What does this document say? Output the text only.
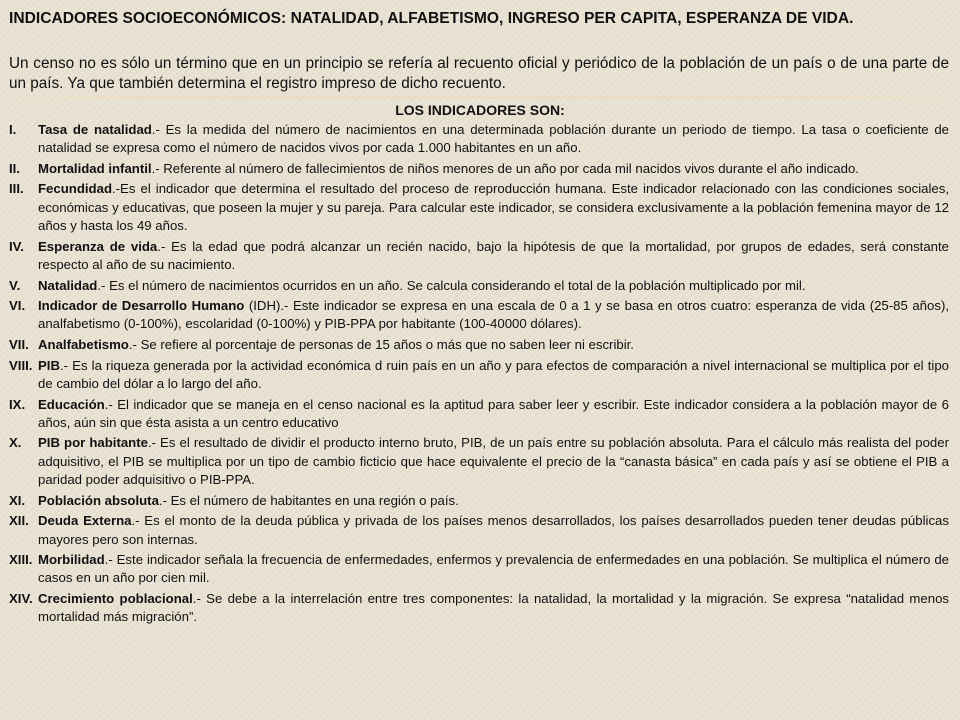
INDICADORES SOCIOECONÓMICOS: NATALIDAD, ALFABETISMO, INGRESO PER CAPITA, ESPERANZA DE VIDA.

Un censo no es sólo un término que en un principio se refería al recuento oficial y periódico de la población de un país o de una parte de un país. Ya que también determina el registro impreso de dicho recuento.

LOS INDICADORES SON:
I.	Tasa de natalidad.- Es la medida del número de nacimientos en una determinada población durante un periodo de tiempo. La tasa o coeficiente de natalidad se expresa como el número de nacidos vivos por cada 1.000 habitantes en un año.
II.	Mortalidad infantil.- Referente al número de fallecimientos de niños menores de un año por cada mil nacidos vivos durante el año indicado.
III.	Fecundidad.-Es el indicador que determina el resultado del proceso de reproducción humana. Este indicador relacionado con las condiciones sociales, económicas y educativas, que poseen la mujer y su pareja. Para calcular este indicador, se considera exclusivamente a la población femenina mayor de 12 años y hasta los 49 años.
IV.	Esperanza de vida.- Es la edad que podrá alcanzar un recién nacido, bajo la hipótesis de que la mortalidad, por grupos de edades, será constante respecto al año de su nacimiento.
V.	Natalidad.- Es el número de nacimientos ocurridos en un año. Se calcula considerando el total de la población multiplicado por mil.
VI. Indicador de Desarrollo Humano (IDH).- Este indicador se expresa en una escala de 0 a 1 y se basa en otros cuatro: esperanza de vida (25-85 años), analfabetismo (0-100%), escolaridad (0-100%) y PIB-PPA por habitante (100-40000 dólares).
VII. Analfabetismo.- Se refiere al porcentaje de personas de 15 años o más que no saben leer ni escribir.
VIII. PIB.- Es la riqueza generada por la actividad económica d ruin país en un año y para efectos de comparación a nivel internacional se multiplica por el tipo de cambio del dólar a lo largo del año.
IX. Educación.- El indicador que se maneja en el censo nacional es la aptitud para saber leer y escribir. Este indicador considera a la población mayor de 6 años, aún sin que ésta asista a un centro educativo
X.	PIB por habitante.- Es el resultado de dividir el producto interno bruto, PIB, de un país entre su población absoluta. Para el cálculo más realista del poder adquisitivo, el PIB se multiplica por un tipo de cambio ficticio que hace equivalente el precio de la “canasta básica” en cada país y así se obtiene el PIB a paridad poder adquisitivo o PIB-PPA.
XI. Población absoluta.- Es el número de habitantes en una región o país.
XII. Deuda Externa.- Es el monto de la deuda pública y privada de los países menos desarrollados, los países desarrollados pueden tener deudas públicas mayores pero son internas.
XIII. Morbilidad.- Este indicador señala la frecuencia de enfermedades, enfermos y prevalencia de enfermedades en una población. Se multiplica el número de casos en un año por cien mil.
XIV. Crecimiento poblacional.- Se debe a la interrelación entre tres componentes: la natalidad, la mortalidad y la migración. Se expresa “natalidad menos mortalidad más migración”.
